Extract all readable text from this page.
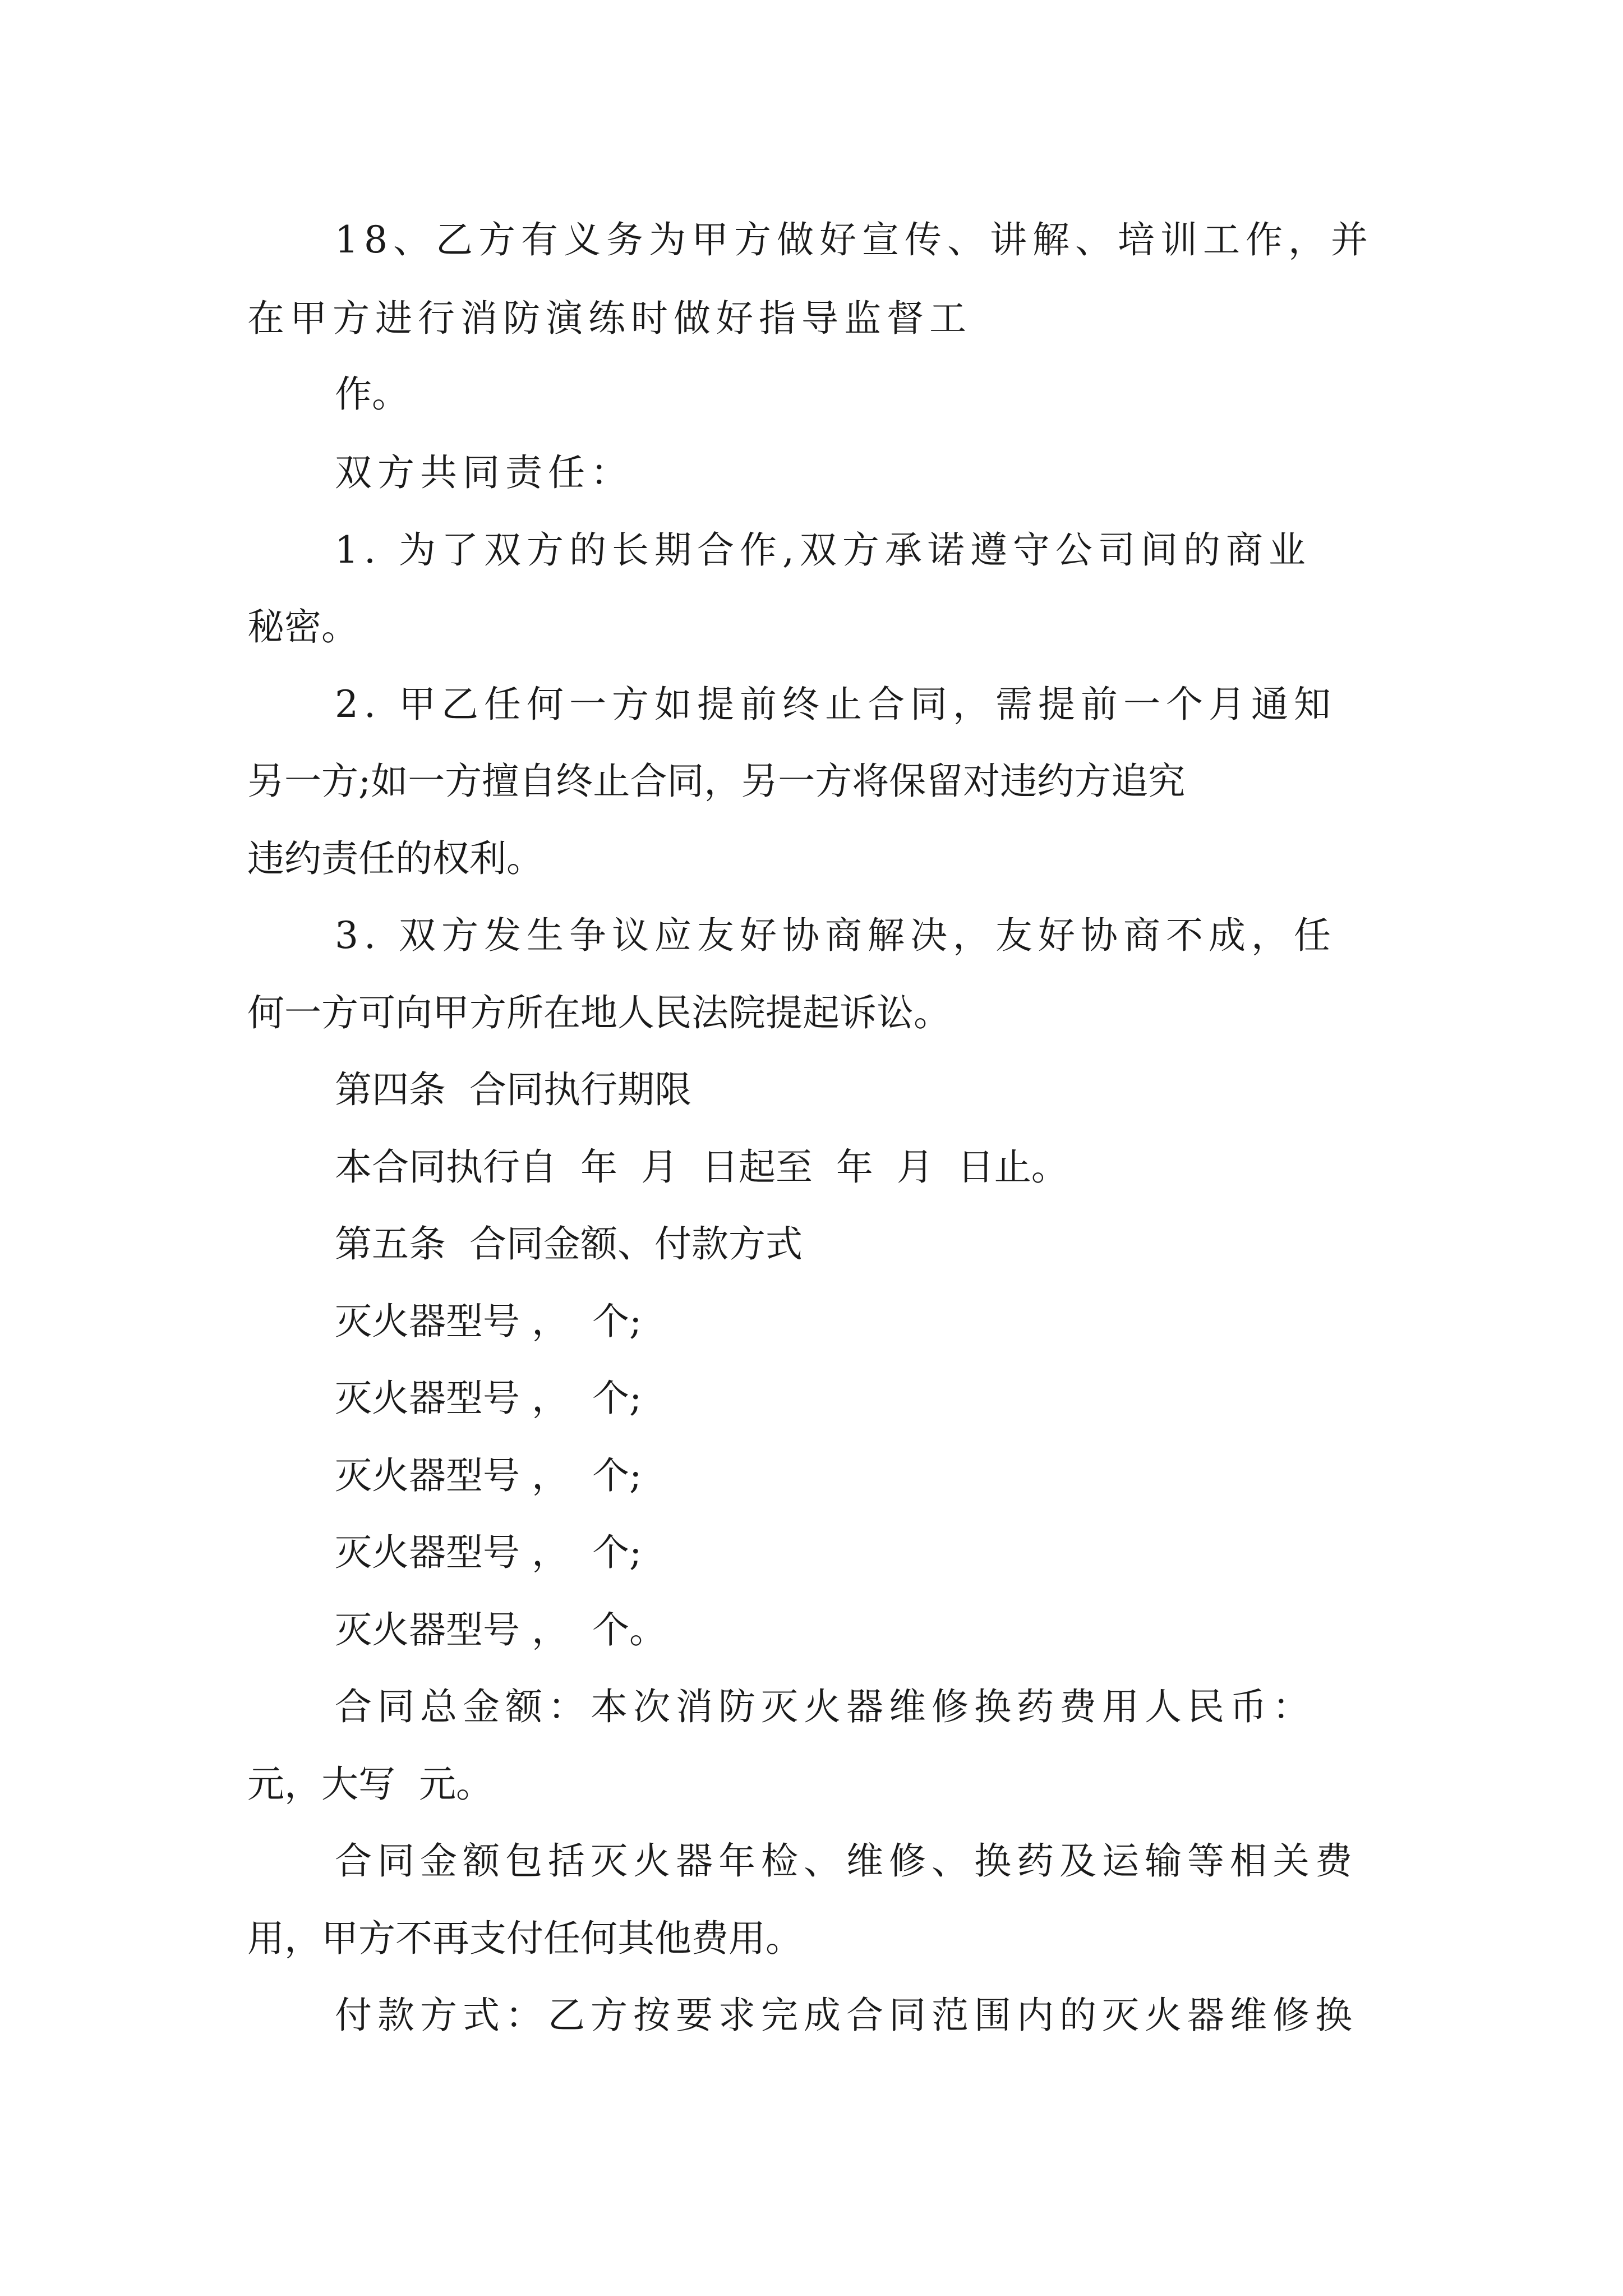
18、乙方有义务为甲方做好宣传、讲解、培训工作，并
在甲方进行消防演练时做好指导监督工
作。
双方共同责任：
1. 为了双方的长期合作,双方承诺遵守公司间的商业
秘密。
2. 甲乙任何一方如提前终止合同，需提前一个月通知
另一方;如一方擅自终止合同，另一方将保留对违约方追究
违约责任的权利。
3. 双方发生争议应友好协商解决，友好协商不成，任
何一方可向甲方所在地人民法院提起诉讼。
第四条  合同执行期限
本合同执行自  年  月  日起至  年  月  日止。
第五条  合同金额、付款方式
灭火器型号 ，  个;
灭火器型号 ，  个;
灭火器型号 ，  个;
灭火器型号 ，  个;
灭火器型号 ，  个。
合同总金额：本次消防灭火器维修换药费用人民币：
元，大写  元。
合同金额包括灭火器年检、维修、换药及运输等相关费
用，甲方不再支付任何其他费用。
付款方式：乙方按要求完成合同范围内的灭火器维修换
